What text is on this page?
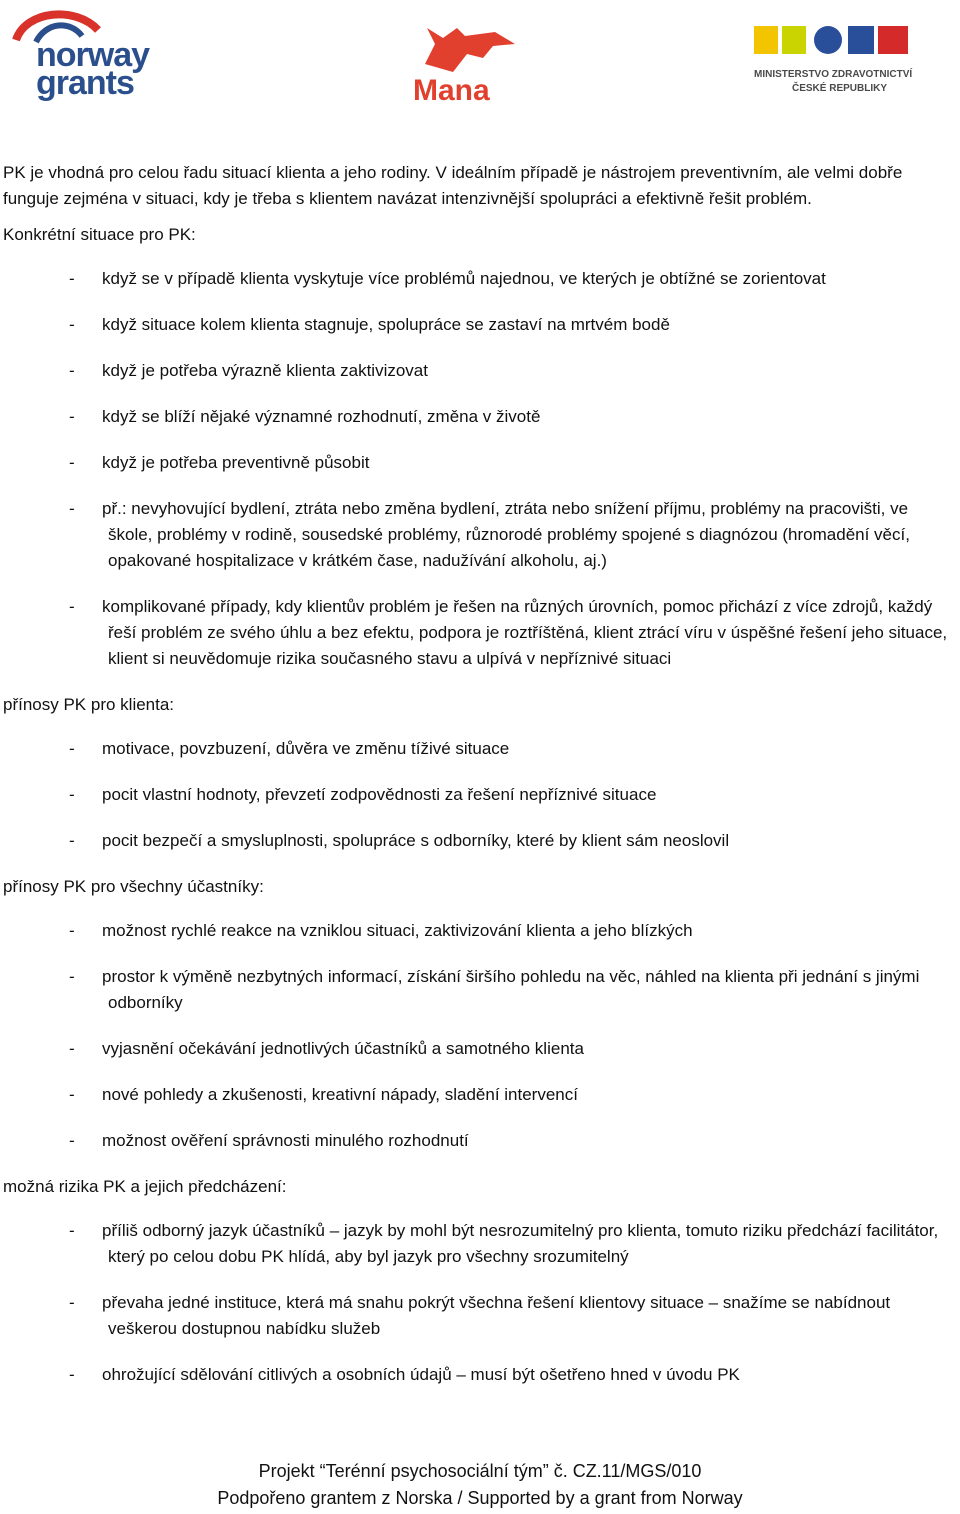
norway
grants	Mana	MINISTERSTVO ZDRAVOTNICTVÍ
ČESKÉ REPUBLIKY

PK je vhodná pro celou řadu situací klienta a jeho rodiny. V ideálním případě je nástrojem preventivním, ale velmi dobře funguje zejména v situaci, kdy je třeba s klientem navázat intenzivnější spolupráci a efektivně řešit problém.

Konkrétní situace pro PK:

- když se v případě klienta vyskytuje více problémů najednou, ve kterých je obtížné se zorientovat
- když situace kolem klienta stagnuje, spolupráce se zastaví na mrtvém bodě
- když je potřeba výrazně klienta zaktivizovat
- když se blíží nějaké významné rozhodnutí, změna v životě
- když je potřeba preventivně působit
- př.: nevyhovující bydlení, ztráta nebo změna bydlení, ztráta nebo snížení příjmu, problémy na pracovišti, ve škole, problémy v rodině, sousedské problémy, různorodé problémy spojené s diagnózou (hromadění věcí, opakované hospitalizace v krátkém čase, nadužívání alkoholu, aj.)
- komplikované případy, kdy klientův problém je řešen na různých úrovních, pomoc přichází z více zdrojů, každý řeší problém ze svého úhlu a bez efektu, podpora je roztříštěná, klient ztrácí víru v úspěšné řešení jeho situace, klient si neuvědomuje rizika současného stavu a ulpívá v nepříznivé situaci

přínosy PK pro klienta:

- motivace, povzbuzení, důvěra ve změnu tíživé situace
- pocit vlastní hodnoty, převzetí zodpovědnosti za řešení nepříznivé situace
- pocit bezpečí a smysluplnosti, spolupráce s odborníky, které by klient sám neoslovil

přínosy PK pro všechny účastníky:

- možnost rychlé reakce na vzniklou situaci, zaktivizování klienta a jeho blízkých
- prostor k výměně nezbytných informací, získání širšího pohledu na věc, náhled na klienta při jednání s jinými odborníky
- vyjasnění očekávání jednotlivých účastníků a samotného klienta
- nové pohledy a zkušenosti, kreativní nápady, sladění intervencí
- možnost ověření správnosti minulého rozhodnutí

možná rizika PK a jejich předcházení:

- příliš odborný jazyk účastníků – jazyk by mohl být nesrozumitelný pro klienta, tomuto riziku předchází facilitátor, který po celou dobu PK hlídá, aby byl jazyk pro všechny srozumitelný
- převaha jedné instituce, která má snahu pokrýt všechna řešení klientovy situace – snažíme se nabídnout veškerou dostupnou nabídku služeb
- ohrožující sdělování citlivých a osobních údajů – musí být ošetřeno hned v úvodu PK
Projekt “Terénní psychosociální tým” č. CZ.11/MGS/010
Podpořeno grantem z Norska / Supported by a grant from Norway
